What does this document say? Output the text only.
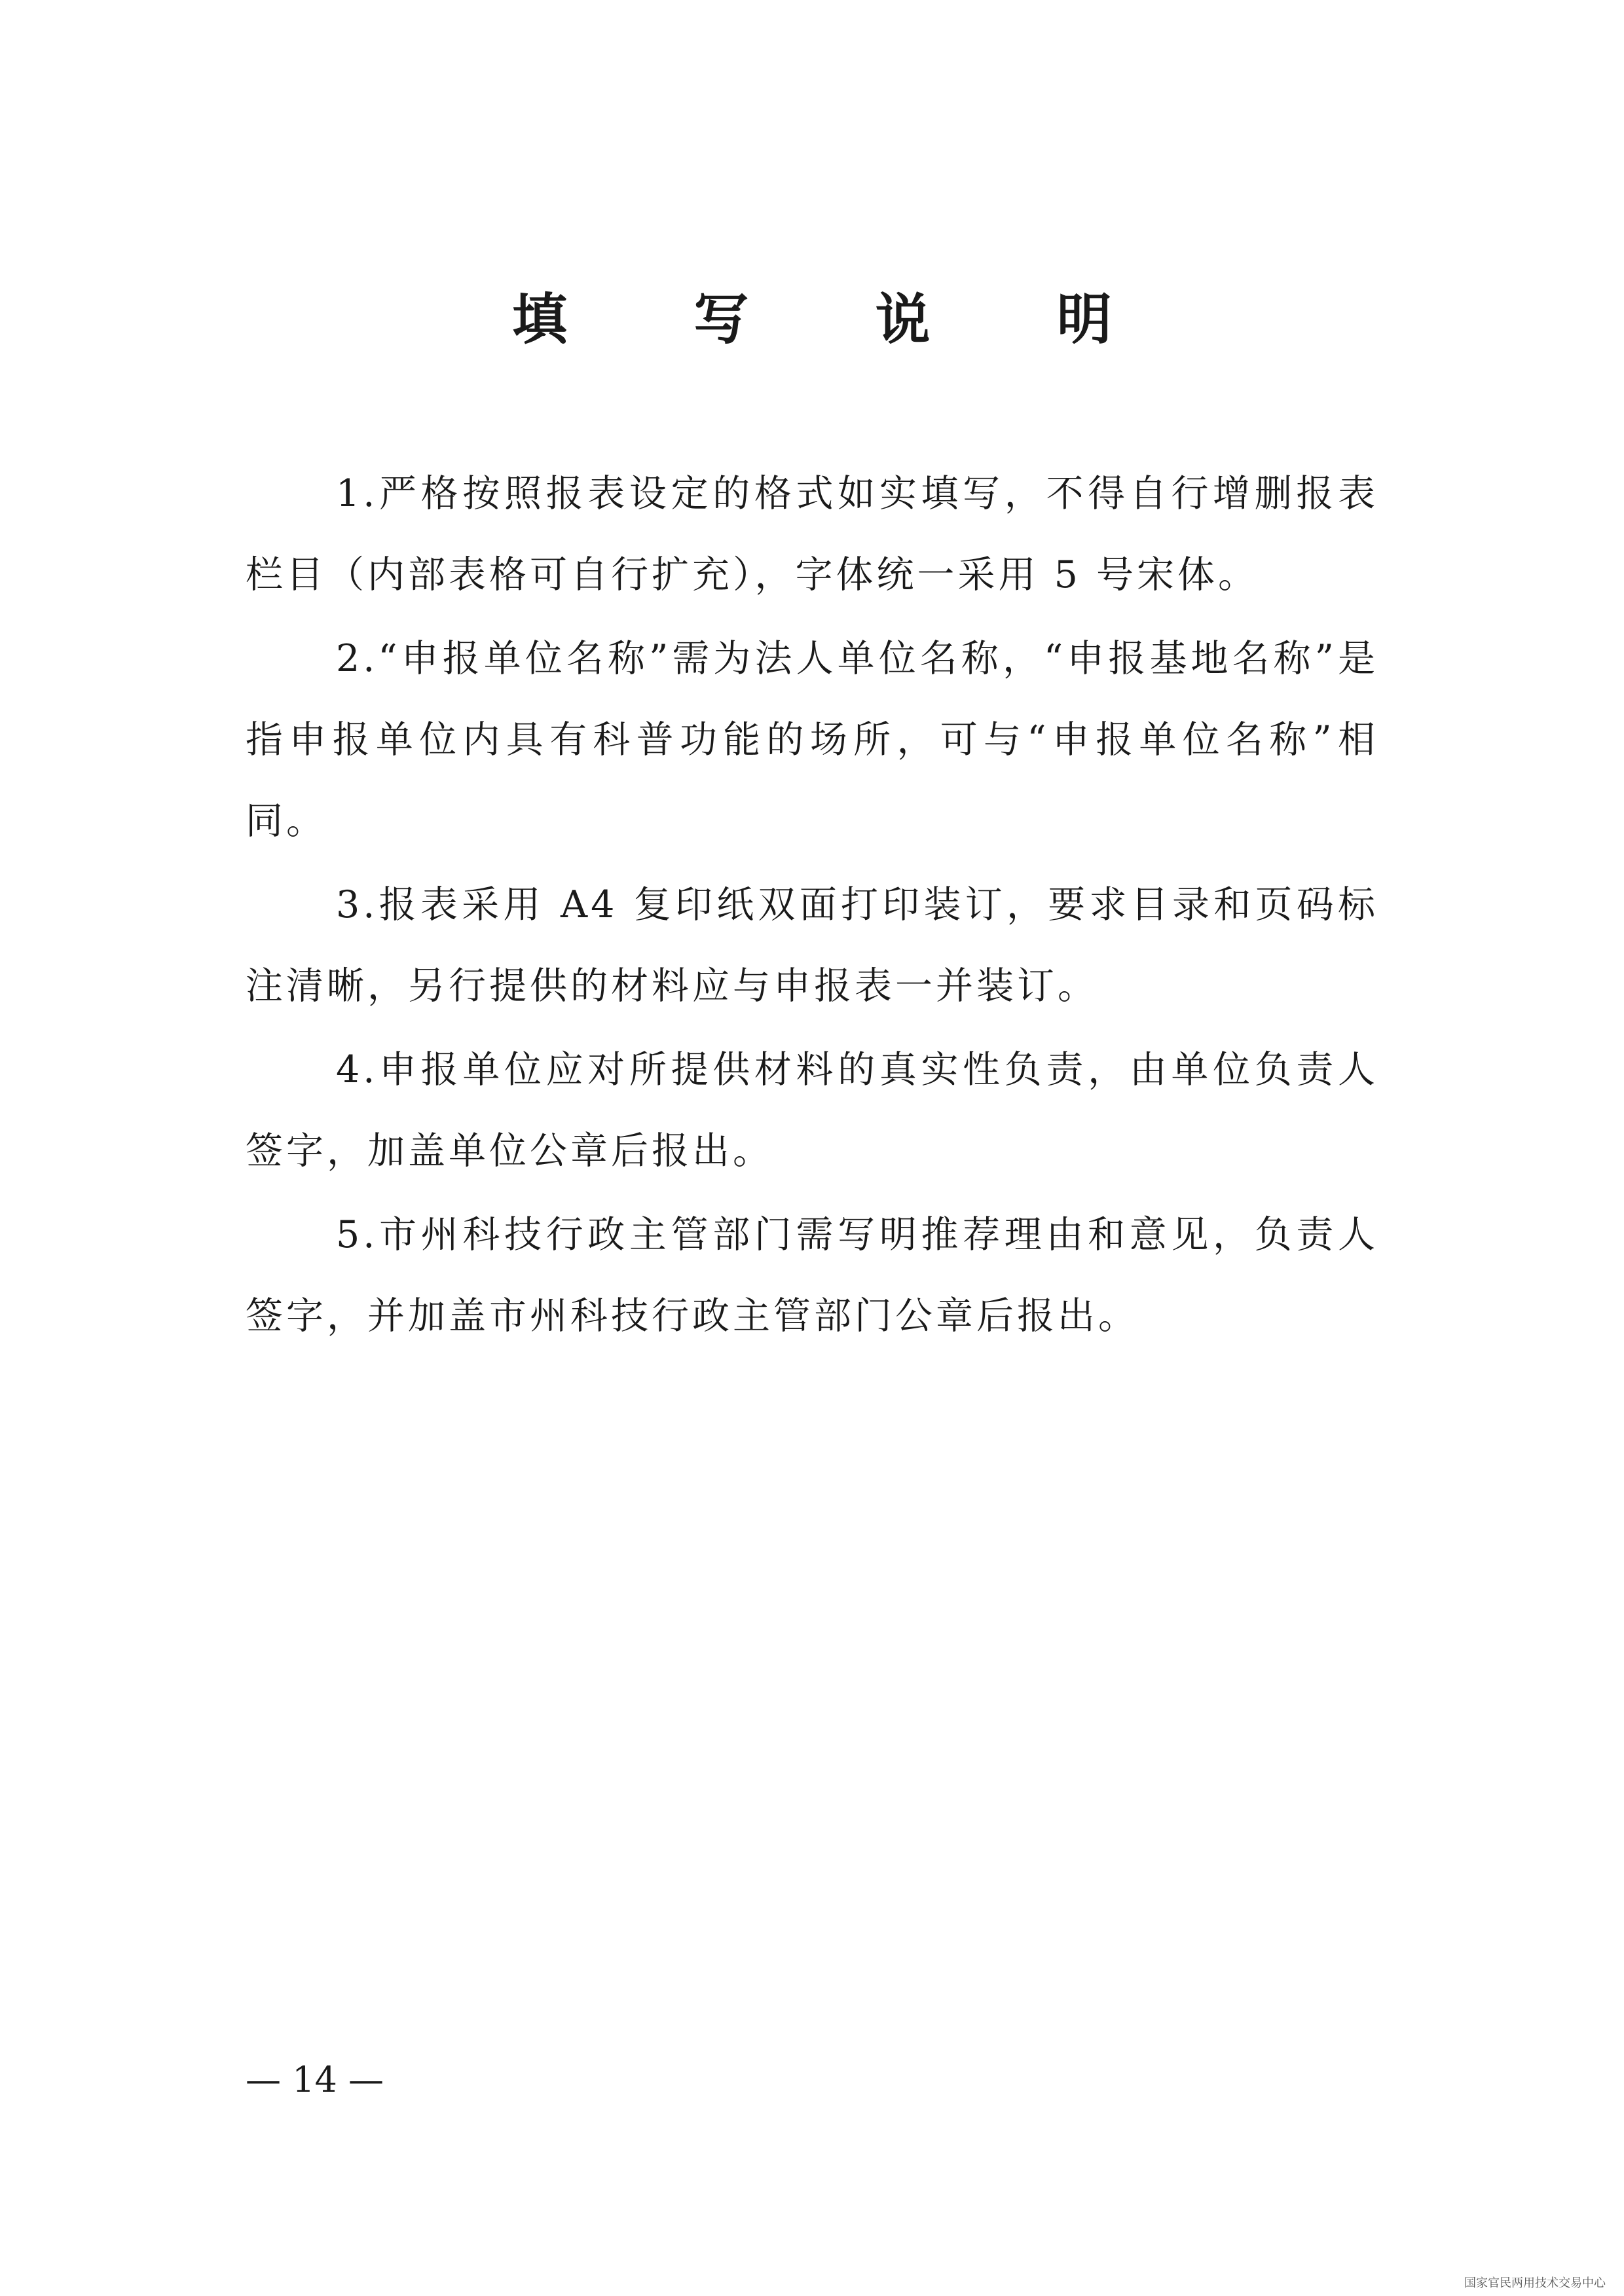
填 写 说 明

1.严格按照报表设定的格式如实填写，不得自行增删报表栏目（内部表格可自行扩充），字体统一采用 5 号宋体。

2.“申报单位名称”需为法人单位名称，“申报基地名称”是指申报单位内具有科普功能的场所，可与“申报单位名称”相同。

3.报表采用 A4 复印纸双面打印装订，要求目录和页码标注清晰，另行提供的材料应与申报表一并装订。

4.申报单位应对所提供材料的真实性负责，由单位负责人签字，加盖单位公章后报出。

5.市州科技行政主管部门需写明推荐理由和意见，负责人签字，并加盖市州科技行政主管部门公章后报出。

— 14 —
国家官民两用技术交易中心
